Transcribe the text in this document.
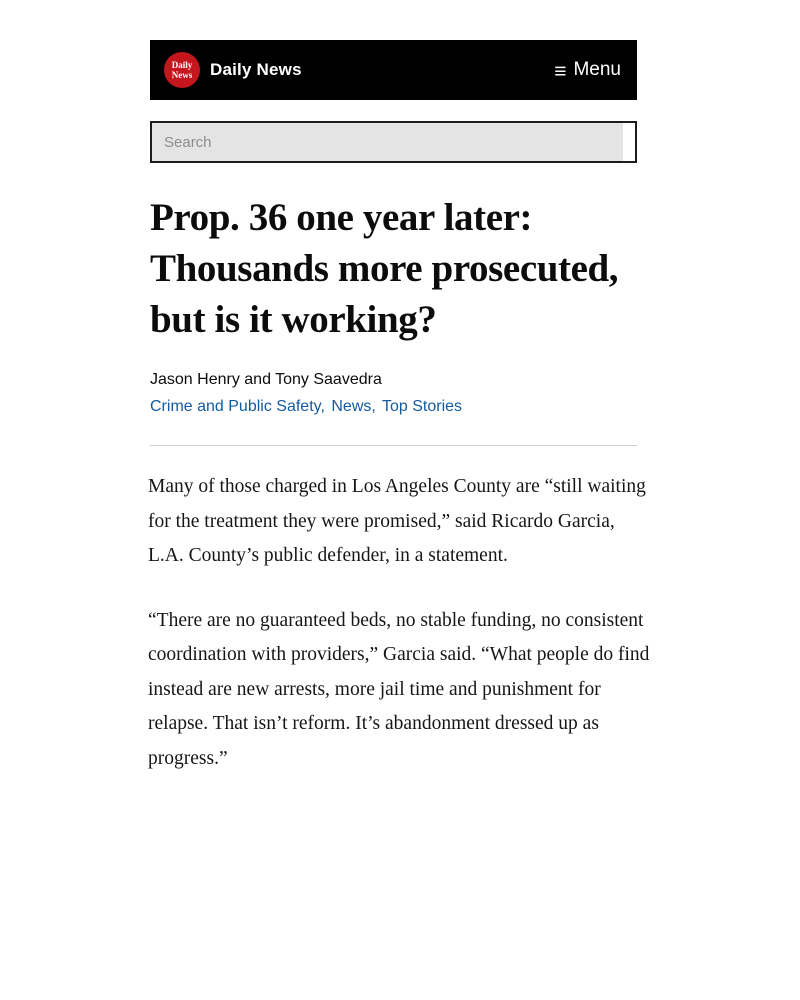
Daily
News Daily News	≡ Menu
Search
Prop. 36 one year later: Thousands more prosecuted, but is it working?
Jason Henry and Tony Saavedra
Crime and Public Safety, News, Top Stories

Many of those charged in Los Angeles County are “still waiting for the treatment they were promised,” said Ricardo Garcia, L.A. County’s public defender, in a statement.

“There are no guaranteed beds, no stable funding, no consistent coordination with providers,” Garcia said. “What people do find instead are new arrests, more jail time and punishment for relapse. That isn’t reform. It’s abandonment dressed up as progress.”
